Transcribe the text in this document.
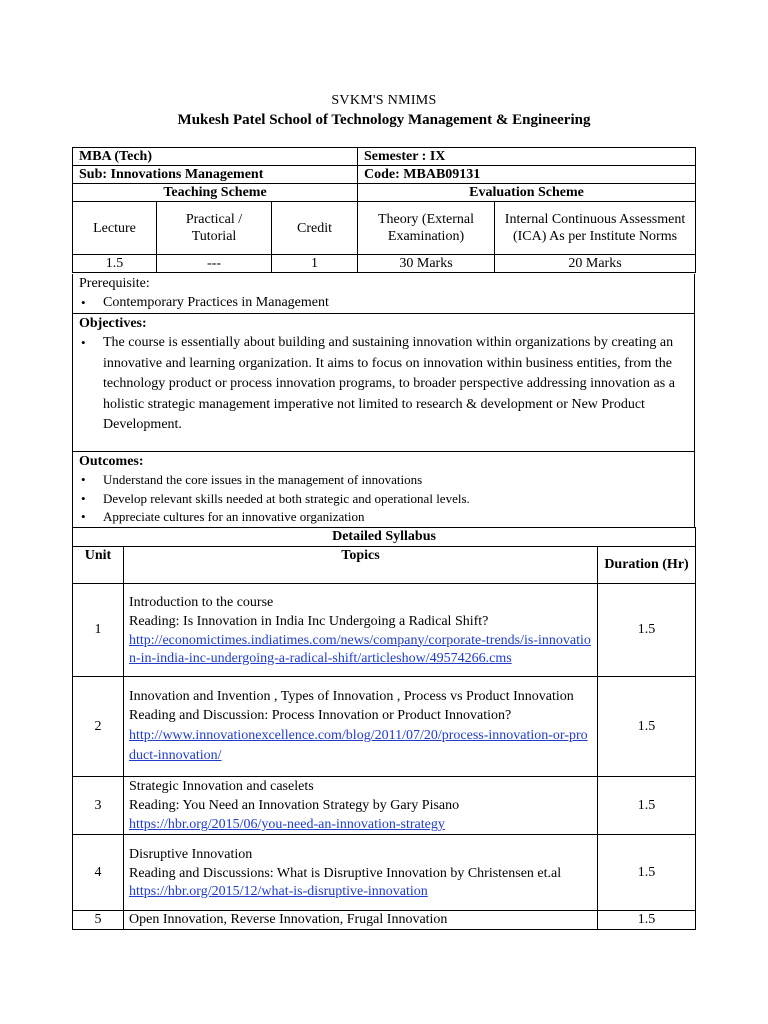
SVKM'S NMIMS
Mukesh Patel School of Technology Management & Engineering
MBA (Tech)			Semester : IX	
Sub: Innovations Management			Code: MBAB09131	
Teaching Scheme			Evaluation Scheme	
Lecture	Practical / Tutorial	Credit	Theory (External Examination)	Internal Continuous Assessment (ICA) As per Institute Norms
1.5	---	1	30 Marks	20 Marks
Prerequisite:
• Contemporary Practices in Management
Objectives:
• The course is essentially about building and sustaining innovation within organizations by creating an innovative and learning organization. It aims to focus on innovation within business entities, from the technology product or process innovation programs, to broader perspective addressing innovation as a holistic strategic management imperative not limited to research & development or New Product Development.
Outcomes:
• Understand the core issues in the management of innovations
• Develop relevant skills needed at both strategic and operational levels.
• Appreciate cultures for an innovative organization
Detailed Syllabus		
Unit	Topics	Duration (Hr)
1	Introduction to the course
Reading: Is Innovation in India Inc Undergoing a Radical Shift?
http://economictimes.indiatimes.com/news/company/corporate-trends/is-innovation-in-india-inc-undergoing-a-radical-shift/articleshow/49574266.cms	1.5
2	Innovation and Invention , Types of Innovation , Process vs Product Innovation
Reading and Discussion: Process Innovation or Product Innovation?
http://www.innovationexcellence.com/blog/2011/07/20/process-innovation-or-product-innovation/	1.5
3	Strategic Innovation and caselets
Reading: You Need an Innovation Strategy by Gary Pisano
https://hbr.org/2015/06/you-need-an-innovation-strategy	1.5
4	Disruptive Innovation
Reading and Discussions: What is Disruptive Innovation by Christensen et.al
https://hbr.org/2015/12/what-is-disruptive-innovation	1.5
5	Open Innovation, Reverse Innovation, Frugal Innovation	1.5
